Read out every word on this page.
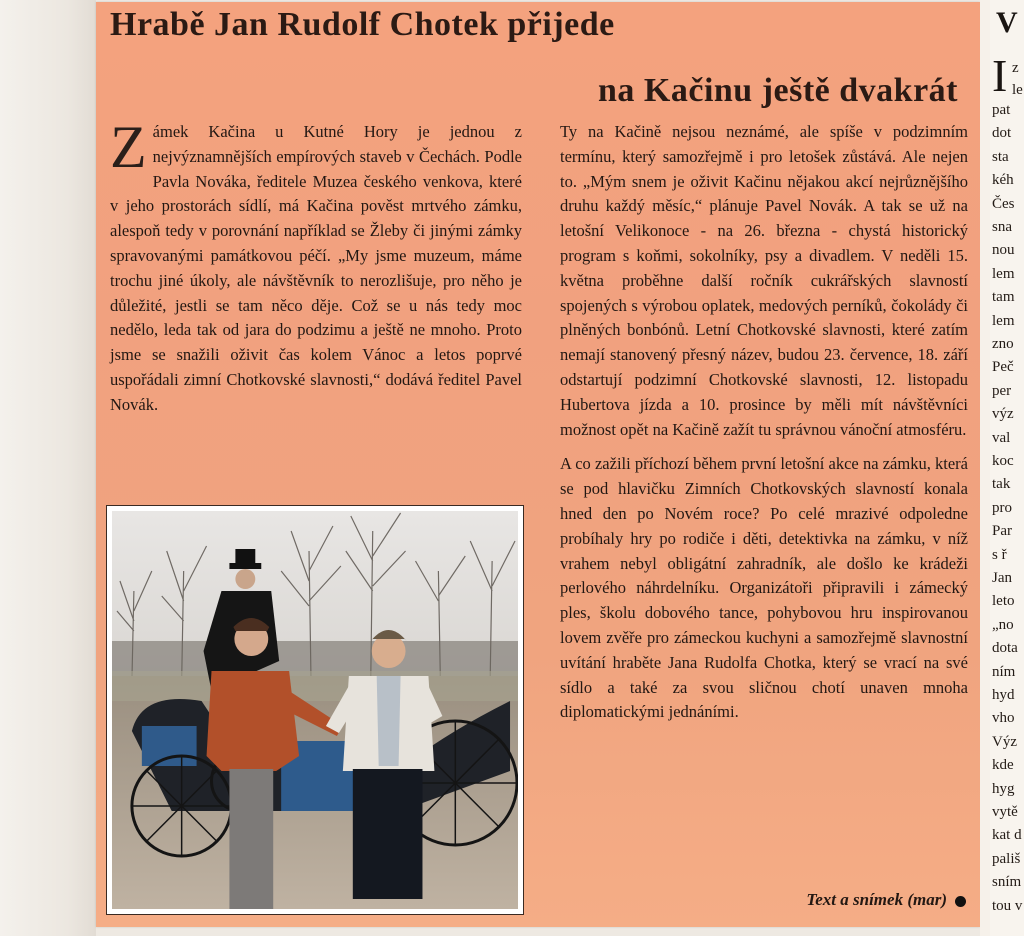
Hrabě Jan Rudolf Chotek přijede
na Kačinu ještě dvakrát

Zámek Kačina u Kutné Hory je jednou z nejvýznamnějších empírových staveb v Čechách. Podle Pavla Nováka, ředitele Muzea českého venkova, které v jeho prostorách sídlí, má Kačina pověst mrtvého zámku, alespoň tedy v porovnání například se Žleby či jinými zámky spravovanými památkovou péčí. „My jsme muzeum, máme trochu jiné úkoly, ale návštěvník to nerozlišuje, pro něho je důležité, jestli se tam něco děje. Což se u nás tedy moc nedělo, leda tak od jara do podzimu a ještě ne mnoho. Proto jsme se snažili oživit čas kolem Vánoc a letos poprvé uspořádali zimní Chotkovské slavnosti,“ dodává ředitel Pavel Novák.

Ty na Kačině nejsou neznámé, ale spíše v podzimním termínu, který samozřejmě i pro letošek zůstává. Ale nejen to. „Mým snem je oživit Kačinu nějakou akcí nejrůznějšího druhu každý měsíc,“ plánuje Pavel Novák. A tak se už na letošní Velikonoce - na 26. března - chystá historický program s koňmi, sokolníky, psy a divadlem. V neděli 15. května proběhne další ročník cukrářských slavností spojených s výrobou oplatek, medových perníků, čokolády či plněných bonbónů. Letní Chotkovské slavnosti, které zatím nemají stanovený přesný název, budou 23. července, 18. září odstartují podzimní Chotkovské slavnosti, 12. listopadu Hubertova jízda a 10. prosince by měli mít návštěvníci možnost opět na Kačině zažít tu správnou vánoční atmosféru.

A co zažili příchozí během první letošní akce na zámku, která se pod hlavičku Zimních Chotkovských slavností konala hned den po Novém roce? Po celé mrazivé odpoledne probíhaly hry po rodiče i děti, detektivka na zámku, v níž vrahem nebyl obligátní zahradník, ale došlo ke krádeži perlového náhrdelníku. Organizátoři připravili i zámecký ples, školu dobového tance, pohybovou hru inspirovanou lovem zvěře pro zámeckou kuchyni a samozřejmě slavnostní uvítání hraběte Jana Rudolfa Chotka, který se vrací na své sídlo a také za svou sličnou chotí unaven mnoha diplomatickými jednáními.

Text a snímek (mar)
V
I z
le
pat
dot
sta
kéh
Čes
sna
nou
lem
tam
lem
zno
Peč
per
výz
val
koc
tak
pro
Par
s ř
Jan
leto
„no
dota
ním
hyd
vho
Výz
kde
hyg
vytě
kat d
pališ
sním
tou v
